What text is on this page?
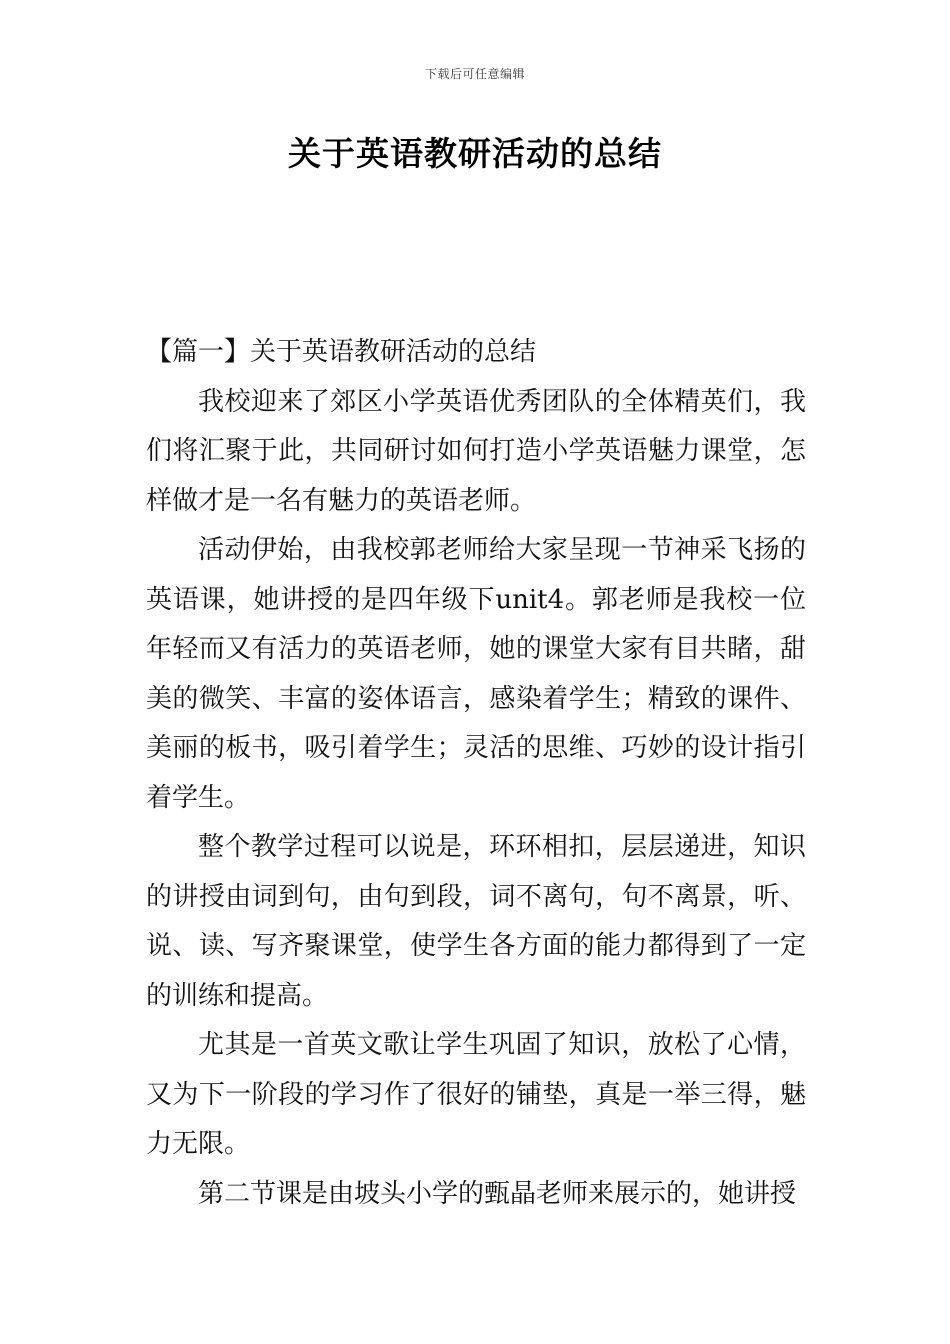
下载后可任意编辑
关于英语教研活动的总结

【篇一】关于英语教研活动的总结

我校迎来了郊区小学英语优秀团队的全体精英们，我们将汇聚于此，共同研讨如何打造小学英语魅力课堂，怎样做才是一名有魅力的英语老师。

活动伊始，由我校郭老师给大家呈现一节神采飞扬的英语课，她讲授的是四年级下unit4。郭老师是我校一位年轻而又有活力的英语老师，她的课堂大家有目共睹，甜美的微笑、丰富的姿体语言，感染着学生；精致的课件、美丽的板书，吸引着学生；灵活的思维、巧妙的设计指引着学生。

整个教学过程可以说是，环环相扣，层层递进，知识的讲授由词到句，由句到段，词不离句，句不离景，听、说、读、写齐聚课堂，使学生各方面的能力都得到了一定的训练和提高。

尤其是一首英文歌让学生巩固了知识，放松了心情，又为下一阶段的学习作了很好的铺垫，真是一举三得，魅力无限。

第二节课是由坡头小学的甄晶老师来展示的，她讲授
